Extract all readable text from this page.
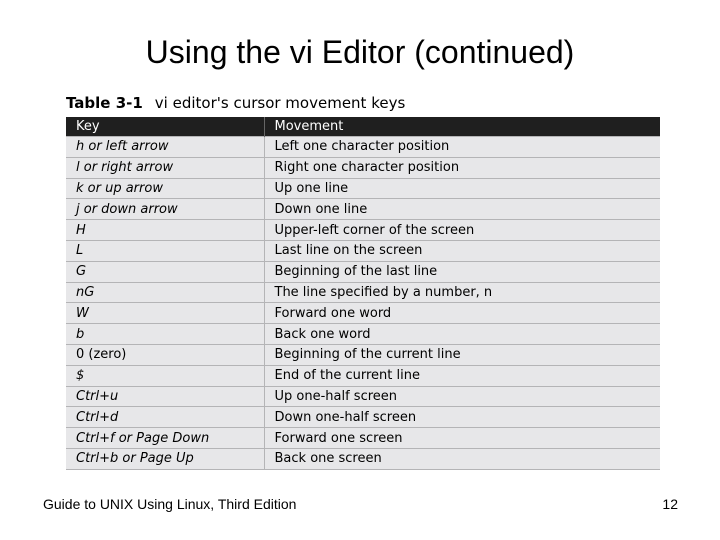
Using the vi Editor (continued)
Table 3-1 vi editor's cursor movement keys
Key	Movement
h or left arrow	Left one character position
l or right arrow	Right one character position
k or up arrow	Up one line
j or down arrow	Down one line
H	Upper-left corner of the screen
L	Last line on the screen
G	Beginning of the last line
nG	The line specified by a number, n
W	Forward one word
b	Back one word
0 (zero)	Beginning of the current line
$	End of the current line
Ctrl+u	Up one-half screen
Ctrl+d	Down one-half screen
Ctrl+f or Page Down	Forward one screen
Ctrl+b or Page Up	Back one screen
Guide to UNIX Using Linux, Third Edition	12
